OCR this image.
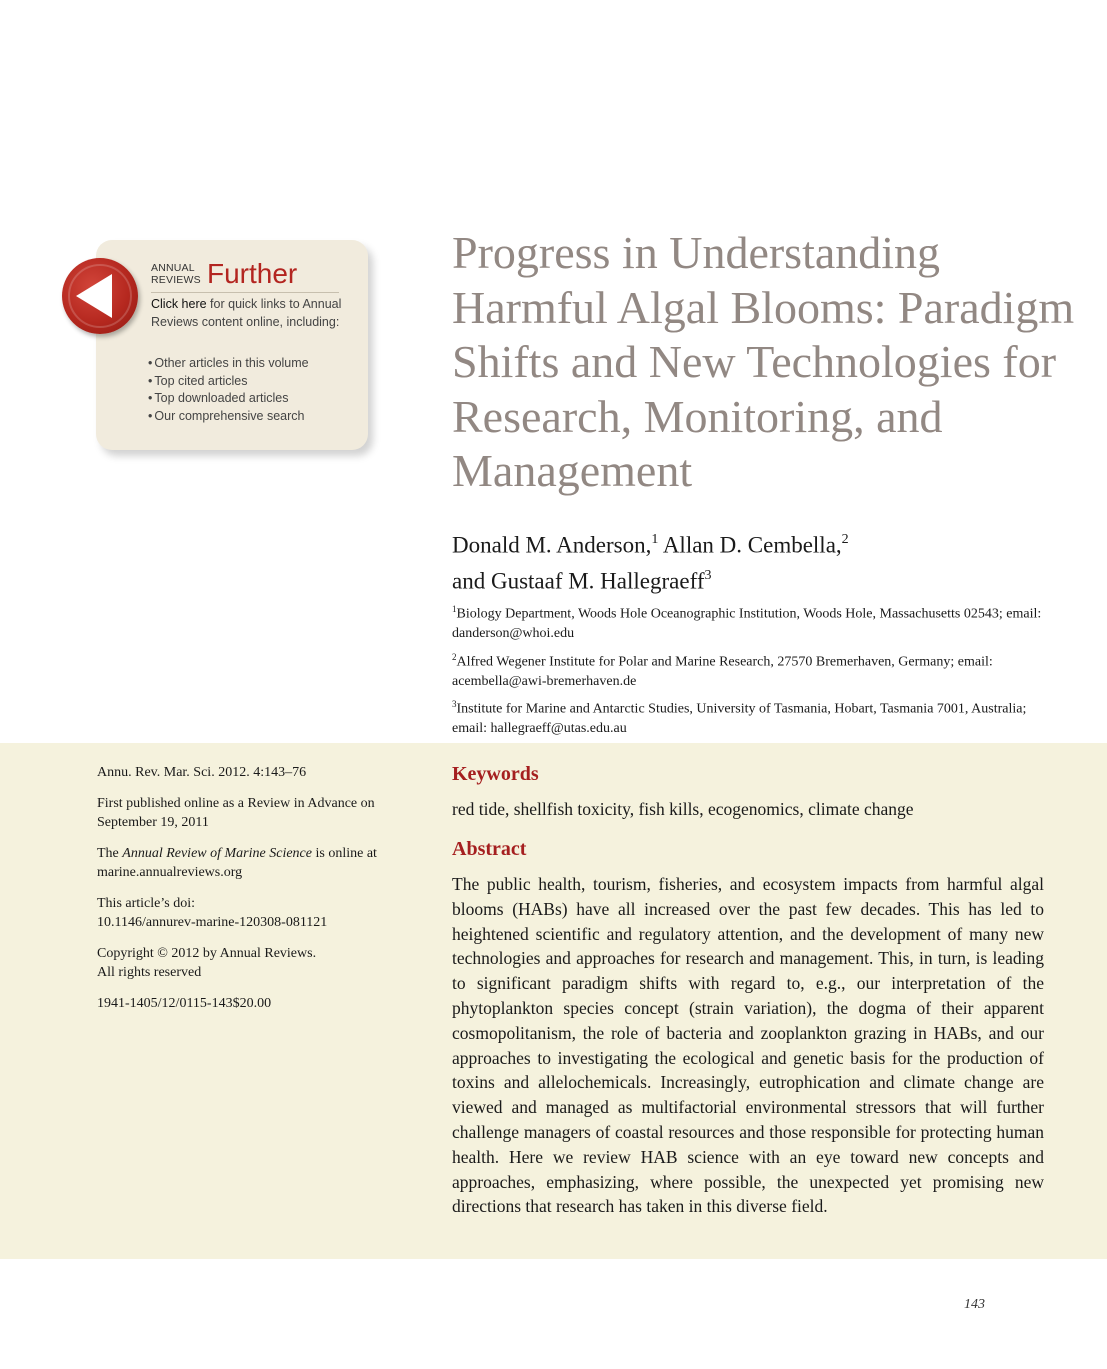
ANNUAL
REVIEWS Further
Click here for quick links to Annual Reviews content online, including:
• Other articles in this volume
• Top cited articles
• Top downloaded articles
• Our comprehensive search
Progress in Understanding Harmful Algal Blooms: Paradigm Shifts and New Technologies for Research, Monitoring, and Management
Donald M. Anderson,$^1$ Allan D. Cembella,$^2$
and Gustaaf M. Hallegraeff$^3$
$^1$Biology Department, Woods Hole Oceanographic Institution, Woods Hole, Massachusetts 02543; email: danderson@whoi.edu
$^2$Alfred Wegener Institute for Polar and Marine Research, 27570 Bremerhaven, Germany; email: acembella@awi-bremerhaven.de
$^3$Institute for Marine and Antarctic Studies, University of Tasmania, Hobart, Tasmania 7001, Australia; email: hallegraeff@utas.edu.au

Annu. Rev. Mar. Sci. 2012. 4:143–76

First published online as a Review in Advance on September 19, 2011

The Annual Review of Marine Science is online at marine.annualreviews.org

This article’s doi:
10.1146/annurev-marine-120308-081121

Copyright © 2012 by Annual Reviews.
All rights reserved

1941-1405/12/0115-143$20.00

Keywords
red tide, shellfish toxicity, fish kills, ecogenomics, climate change
Abstract

The public health, tourism, fisheries, and ecosystem impacts from harmful algal blooms (HABs) have all increased over the past few decades. This has led to heightened scientific and regulatory attention, and the development of many new technologies and approaches for research and management. This, in turn, is leading to significant paradigm shifts with regard to, e.g., our interpretation of the phytoplankton species concept (strain variation), the dogma of their apparent cosmopolitanism, the role of bacteria and zooplankton grazing in HABs, and our approaches to investigating the ecological and genetic basis for the production of toxins and allelochemicals. Increasingly, eutrophication and climate change are viewed and managed as multifactorial environmental stressors that will further challenge managers of coastal resources and those responsible for protecting human health. Here we review HAB science with an eye toward new concepts and approaches, emphasizing, where possible, the unexpected yet promising new directions that research has taken in this diverse field.

143
